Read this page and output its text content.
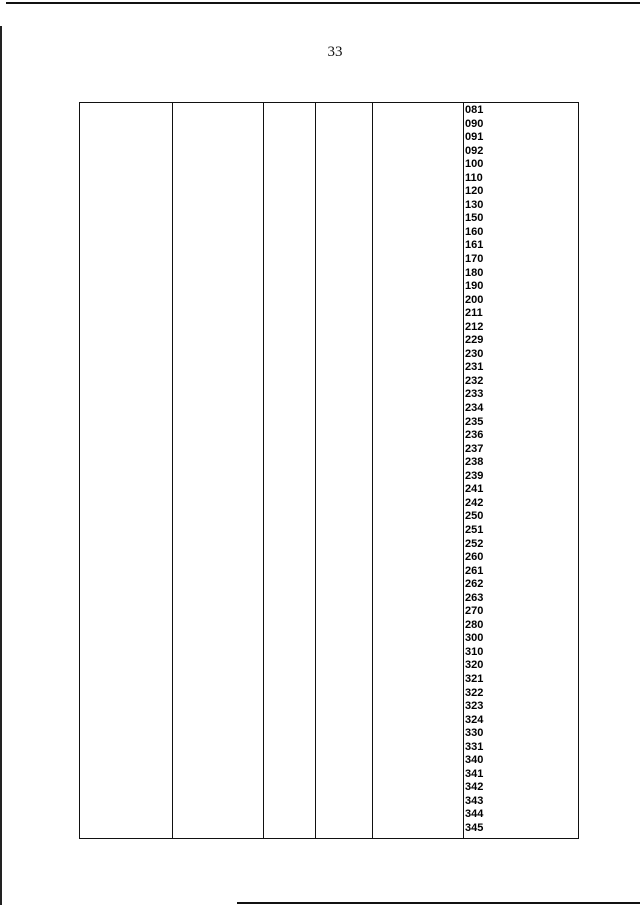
33
081
090
091
092
100
110
120
130
150
160
161
170
180
190
200
211
212
229
230
231
232
233
234
235
236
237
238
239
241
242
250
251
252
260
261
262
263
270
280
300
310
320
321
322
323
324
330
331
340
341
342
343
344
345
